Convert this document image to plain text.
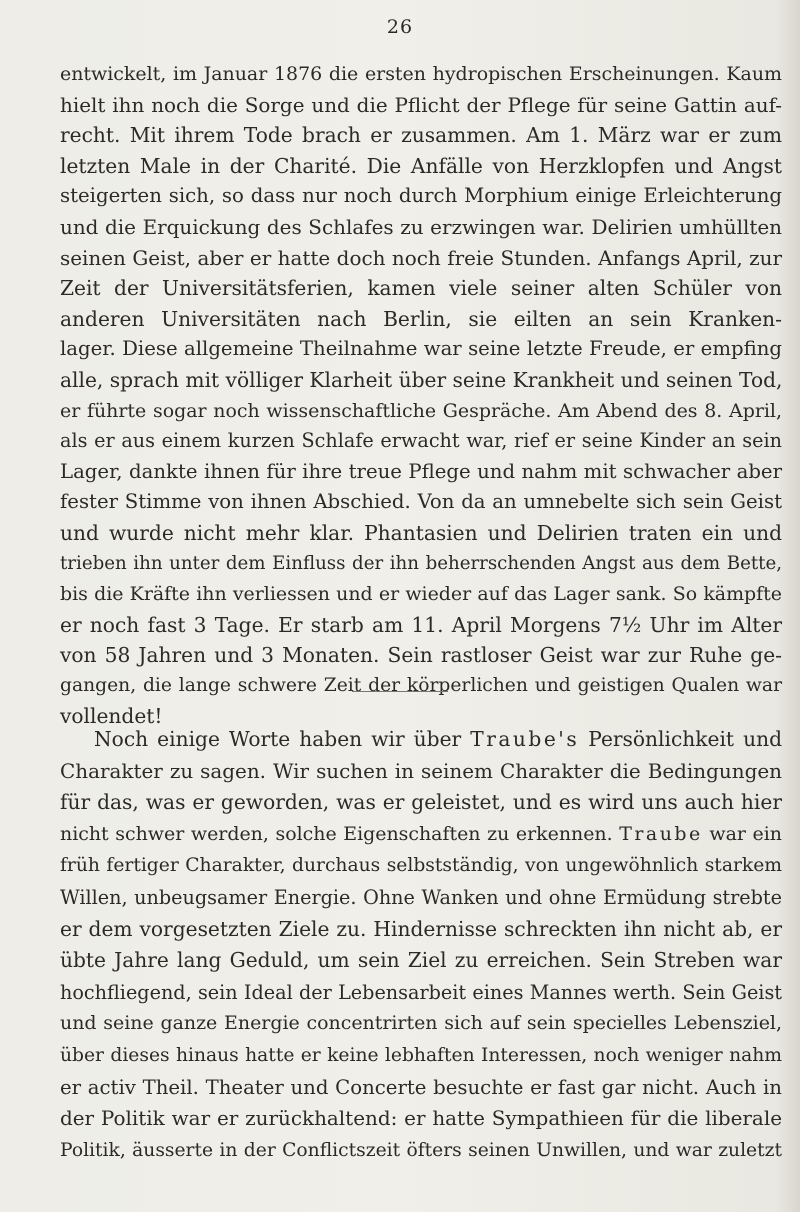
26
entwickelt, im Januar 1876 die ersten hydropischen Erscheinungen. Kaum
hielt ihn noch die Sorge und die Pflicht der Pflege für seine Gattin auf-
recht. Mit ihrem Tode brach er zusammen. Am 1. März war er zum
letzten Male in der Charité. Die Anfälle von Herzklopfen und Angst
steigerten sich, so dass nur noch durch Morphium einige Erleichterung
und die Erquickung des Schlafes zu erzwingen war. Delirien umhüllten
seinen Geist, aber er hatte doch noch freie Stunden. Anfangs April, zur
Zeit der Universitätsferien, kamen viele seiner alten Schüler von
anderen Universitäten nach Berlin, sie eilten an sein Kranken-
lager. Diese allgemeine Theilnahme war seine letzte Freude, er empfing
alle, sprach mit völliger Klarheit über seine Krankheit und seinen Tod,
er führte sogar noch wissenschaftliche Gespräche. Am Abend des 8. April,
als er aus einem kurzen Schlafe erwacht war, rief er seine Kinder an sein
Lager, dankte ihnen für ihre treue Pflege und nahm mit schwacher aber
fester Stimme von ihnen Abschied. Von da an umnebelte sich sein Geist
und wurde nicht mehr klar. Phantasien und Delirien traten ein und
trieben ihn unter dem Einfluss der ihn beherrschenden Angst aus dem Bette,
bis die Kräfte ihn verliessen und er wieder auf das Lager sank. So kämpfte
er noch fast 3 Tage. Er starb am 11. April Morgens 7½ Uhr im Alter
von 58 Jahren und 3 Monaten. Sein rastloser Geist war zur Ruhe ge-
gangen, die lange schwere Zeit der körperlichen und geistigen Qualen war
vollendet!
Noch einige Worte haben wir über Traube's Persönlichkeit und
Charakter zu sagen. Wir suchen in seinem Charakter die Bedingungen
für das, was er geworden, was er geleistet, und es wird uns auch hier
nicht schwer werden, solche Eigenschaften zu erkennen. Traube war ein
früh fertiger Charakter, durchaus selbstständig, von ungewöhnlich starkem
Willen, unbeugsamer Energie. Ohne Wanken und ohne Ermüdung strebte
er dem vorgesetzten Ziele zu. Hindernisse schreckten ihn nicht ab, er
übte Jahre lang Geduld, um sein Ziel zu erreichen. Sein Streben war
hochfliegend, sein Ideal der Lebensarbeit eines Mannes werth. Sein Geist
und seine ganze Energie concentrirten sich auf sein specielles Lebensziel,
über dieses hinaus hatte er keine lebhaften Interessen, noch weniger nahm
er activ Theil. Theater und Concerte besuchte er fast gar nicht. Auch in
der Politik war er zurückhaltend: er hatte Sympathieen für die liberale
Politik, äusserte in der Conflictszeit öfters seinen Unwillen, und war zuletzt
